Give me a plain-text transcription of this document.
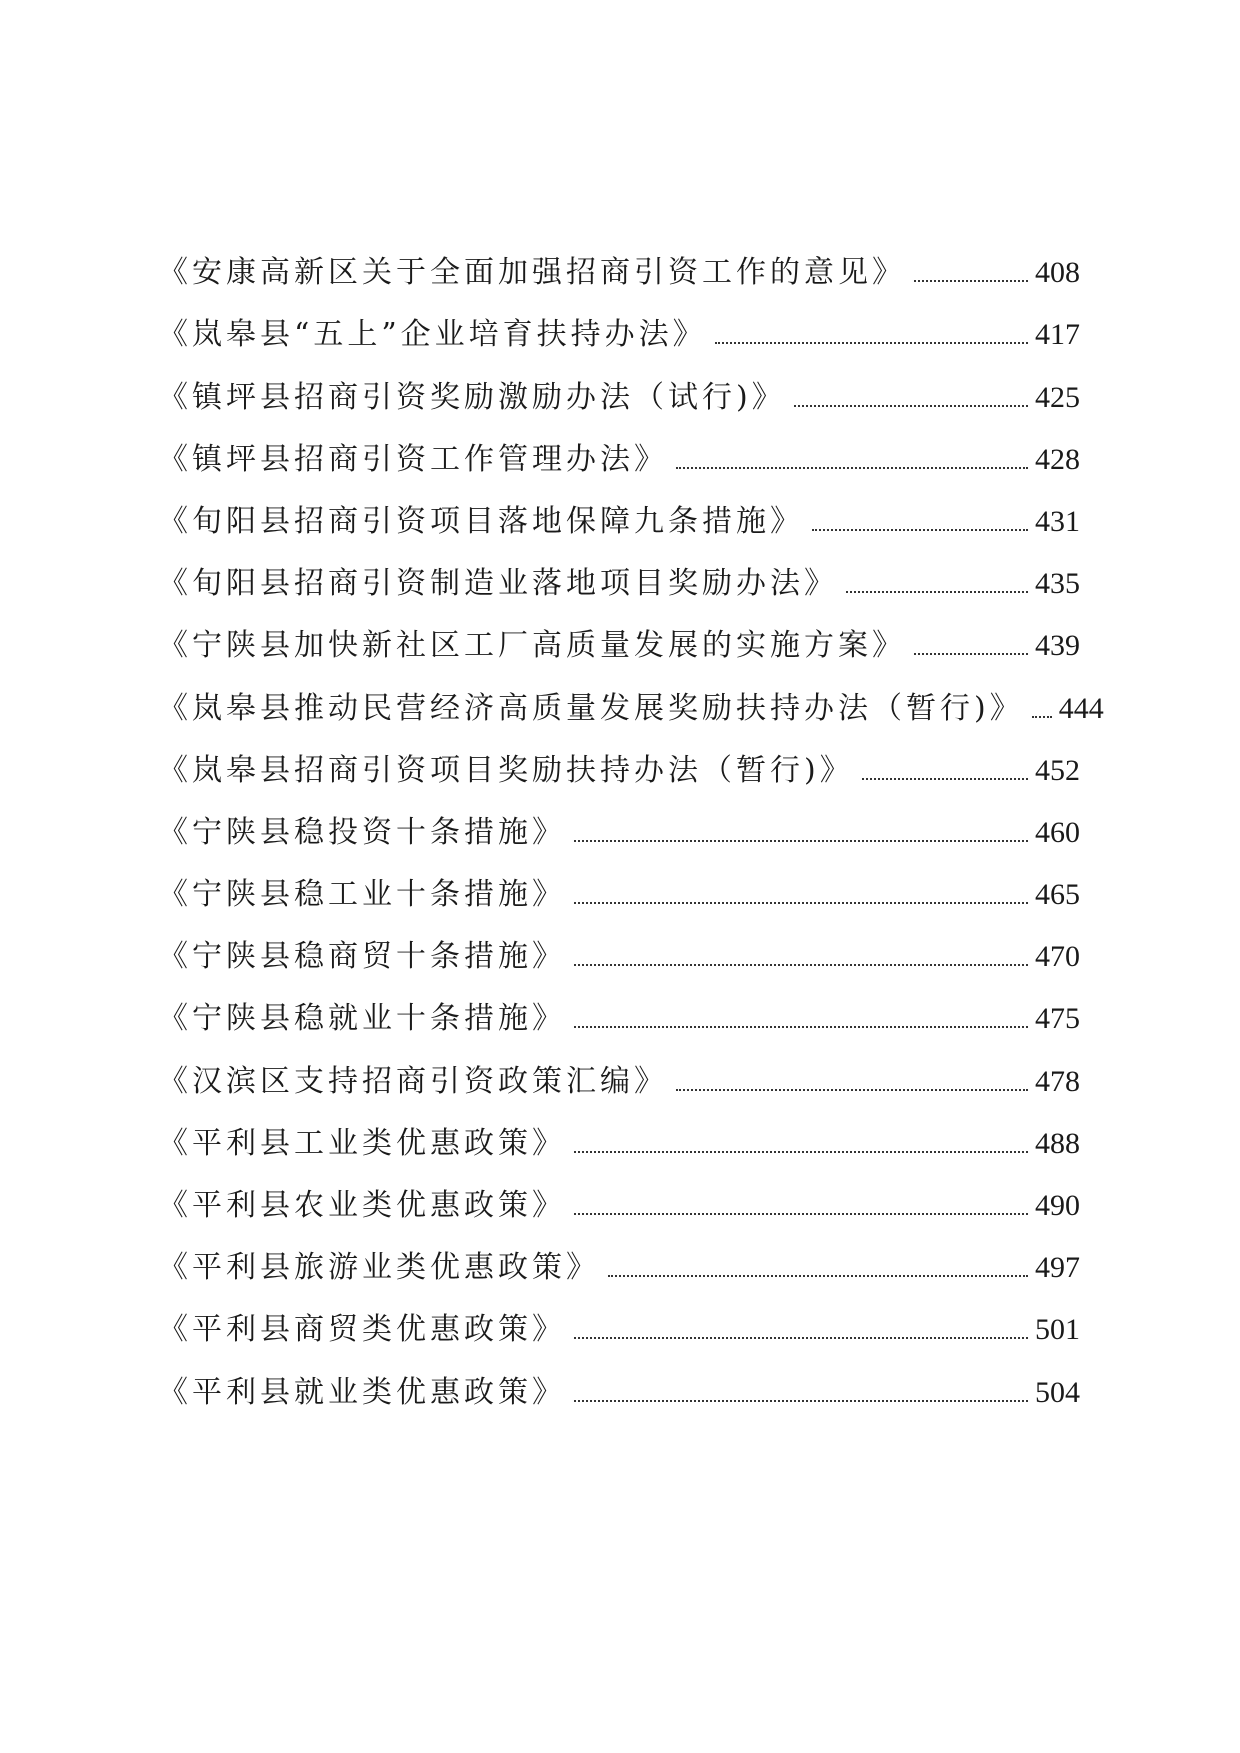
《安康高新区关于全面加强招商引资工作的意见》	408
《岚皋县“五上”企业培育扶持办法》	417
《镇坪县招商引资奖励激励办法（试行)》	425
《镇坪县招商引资工作管理办法》	428
《旬阳县招商引资项目落地保障九条措施》	431
《旬阳县招商引资制造业落地项目奖励办法》	435
《宁陕县加快新社区工厂高质量发展的实施方案》	439
《岚皋县推动民营经济高质量发展奖励扶持办法（暂行)》 444
《岚皋县招商引资项目奖励扶持办法（暂行)》	452
《宁陕县稳投资十条措施》	460
《宁陕县稳工业十条措施》	465
《宁陕县稳商贸十条措施》	470
《宁陕县稳就业十条措施》	475
《汉滨区支持招商引资政策汇编》	478
《平利县工业类优惠政策》	488
《平利县农业类优惠政策》	490
《平利县旅游业类优惠政策》	497
《平利县商贸类优惠政策》	501
《平利县就业类优惠政策》	504
